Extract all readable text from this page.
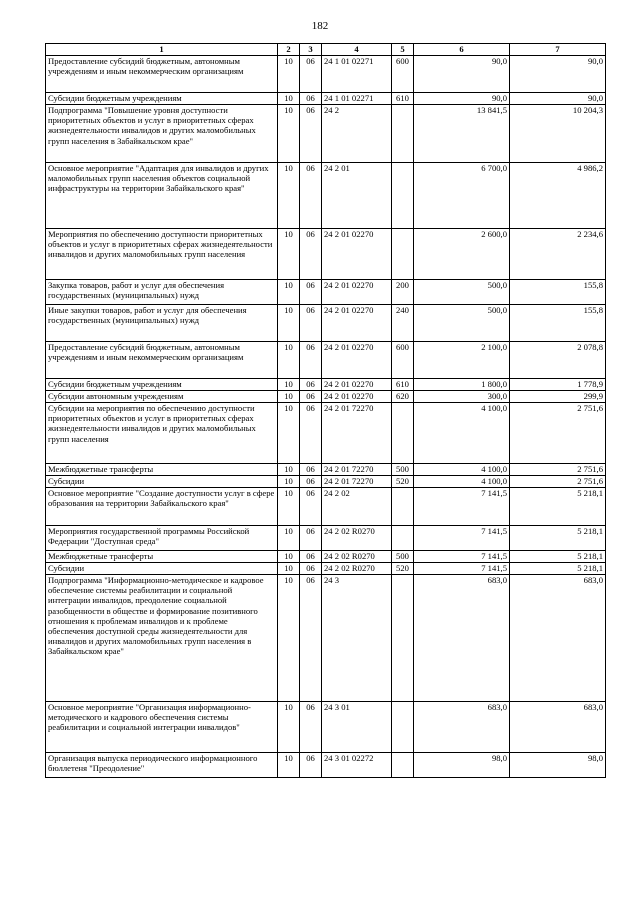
182
1	2	3	4	5	6	7
Предоставление субсидий бюджетным, автономным учреждениям и иным некоммерческим организациям	10	06	24 1 01 02271	600	90,0	90,0
Субсидии бюджетным учреждениям	10	06	24 1 01 02271	610	90,0	90,0
Подпрограмма "Повышение уровня доступности приоритетных объектов и услуг в приоритетных сферах жизнедеятельности инвалидов и других маломобильных групп населения в Забайкальском крае"	10	06	24 2		13 841,5	10 204,3
Основное мероприятие "Адаптация для инвалидов и других маломобильных групп населения объектов социальной инфраструктуры на территории Забайкальского края"	10	06	24 2 01		6 700,0	4 986,2
Мероприятия по обеспечению доступности приоритетных объектов и услуг в приоритетных сферах жизнедеятельности инвалидов и других маломобильных групп населения	10	06	24 2 01 02270		2 600,0	2 234,6
Закупка товаров, работ и услуг для обеспечения государственных (муниципальных) нужд	10	06	24 2 01 02270	200	500,0	155,8
Иные закупки товаров, работ и услуг для обеспечения государственных (муниципальных) нужд	10	06	24 2 01 02270	240	500,0	155,8
Предоставление субсидий бюджетным, автономным учреждениям и иным некоммерческим организациям	10	06	24 2 01 02270	600	2 100,0	2 078,8
Субсидии бюджетным учреждениям	10	06	24 2 01 02270	610	1 800,0	1 778,9
Субсидии автономным учреждениям	10	06	24 2 01 02270	620	300,0	299,9
Субсидии на мероприятия по обеспечению доступности приоритетных объектов и услуг в приоритетных сферах жизнедеятельности инвалидов и других маломобильных групп населения	10	06	24 2 01 72270		4 100,0	2 751,6
Межбюджетные трансферты	10	06	24 2 01 72270	500	4 100,0	2 751,6
Субсидии	10	06	24 2 01 72270	520	4 100,0	2 751,6
Основное мероприятие "Создание доступности услуг в сфере образования на территории Забайкальского края"	10	06	24 2 02		7 141,5	5 218,1
Мероприятия государственной программы Российской Федерации "Доступная среда"	10	06	24 2 02 R0270		7 141,5	5 218,1
Межбюджетные трансферты	10	06	24 2 02 R0270	500	7 141,5	5 218,1
Субсидии	10	06	24 2 02 R0270	520	7 141,5	5 218,1
Подпрограмма "Информационно-методическое и кадровое обеспечение системы реабилитации и социальной интеграции инвалидов, преодоление социальной разобщенности в обществе и формирование позитивного отношения к проблемам инвалидов и к проблеме обеспечения доступной среды жизнедеятельности для инвалидов и других маломобильных групп населения в Забайкальском крае"	10	06	24 3		683,0	683,0
Основное мероприятие "Организация информационно-методического и кадрового обеспечения системы реабилитации и социальной интеграции инвалидов"	10	06	24 3 01		683,0	683,0
Организация выпуска периодического информационного бюллетеня "Преодоление"	10	06	24 3 01 02272		98,0	98,0
